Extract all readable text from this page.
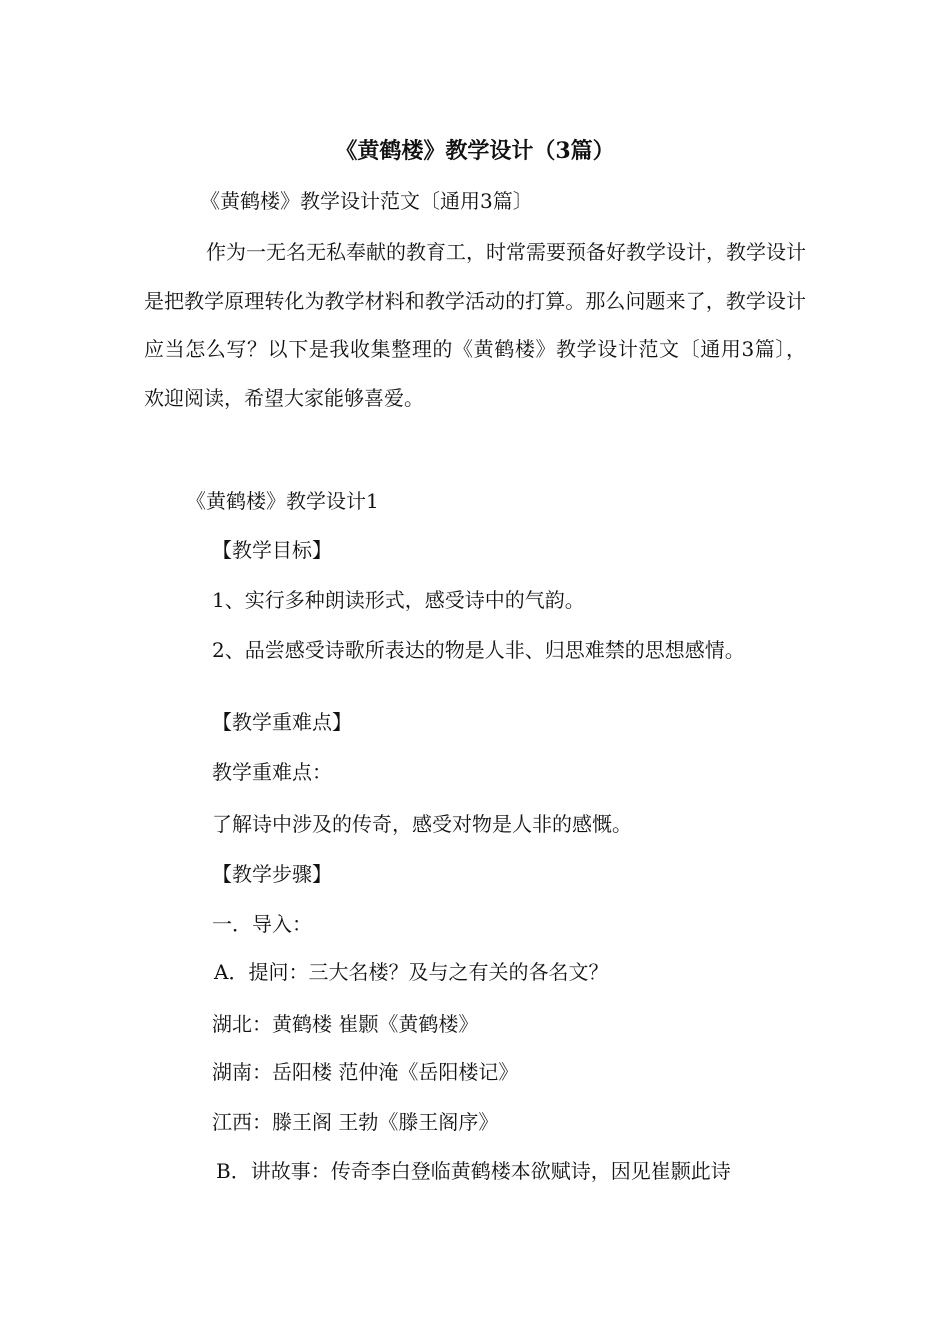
《黄鹤楼》教学设计（3篇）
《黄鹤楼》教学设计范文〔通用3篇〕
作为一无名无私奉献的教育工，时常需要预备好教学设计，教学设计是把教学原理转化为教学材料和教学活动的打算。那么问题来了，教学设计应当怎么写？以下是我收集整理的《黄鹤楼》教学设计范文〔通用3篇〕，欢迎阅读，希望大家能够喜爱。
《黄鹤楼》教学设计1
【教学目标】
1、实行多种朗读形式，感受诗中的气韵。
2、品尝感受诗歌所表达的物是人非、归思难禁的思想感情。
【教学重难点】
教学重难点：
了解诗中涉及的传奇，感受对物是人非的感慨。
【教学步骤】
一．导入：
A．提问：三大名楼？及与之有关的各名文？
湖北：黄鹤楼 崔颢《黄鹤楼》
湖南：岳阳楼 范仲淹《岳阳楼记》
江西：滕王阁 王勃《滕王阁序》
B．讲故事：传奇李白登临黄鹤楼本欲赋诗，因见崔颢此诗
